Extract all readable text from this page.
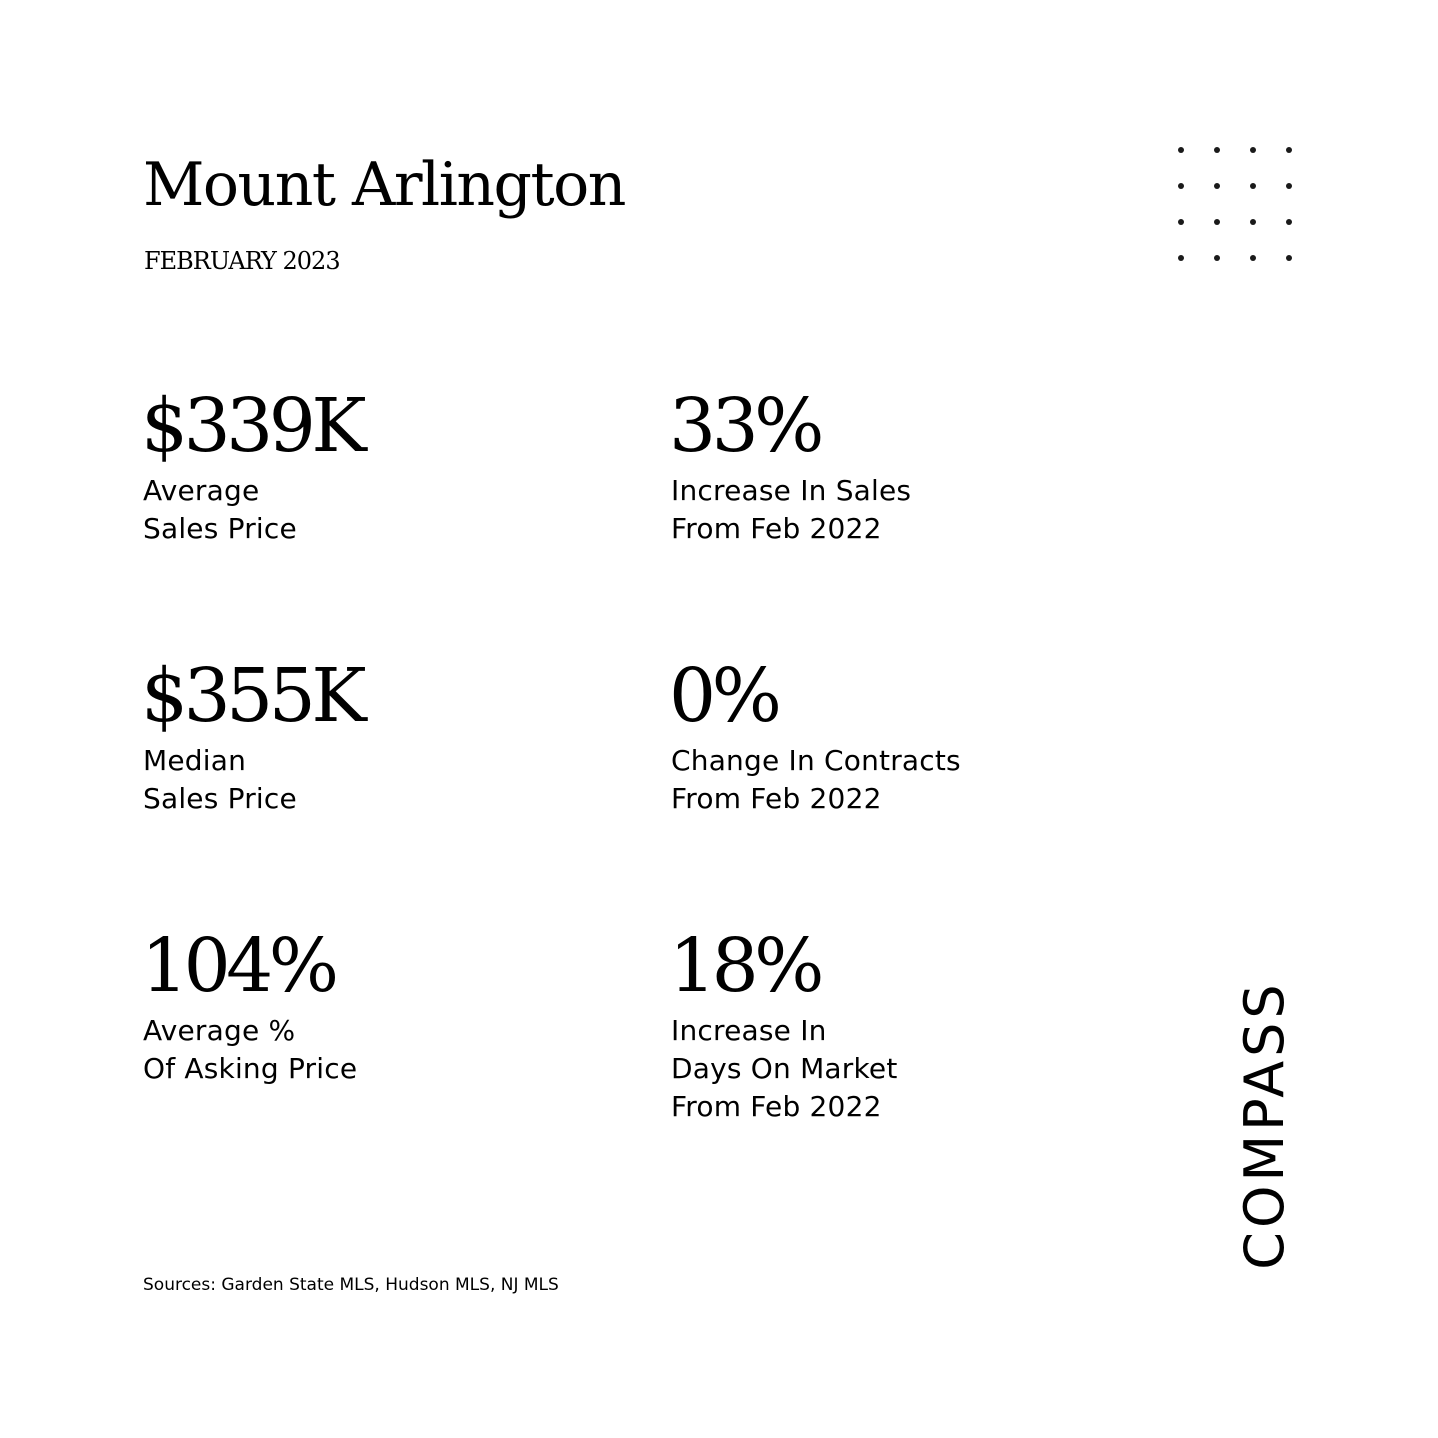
Mount Arlington
FEBRUARY 2023
$339K
Average
Sales Price
33%
Increase In Sales
From Feb 2022
$355K
Median
Sales Price
0%
Change In Contracts
From Feb 2022
104%
Average %
Of Asking Price
18%
Increase In
Days On Market
From Feb 2022
Sources: Garden State MLS, Hudson MLS, NJ MLS
COMPASS
